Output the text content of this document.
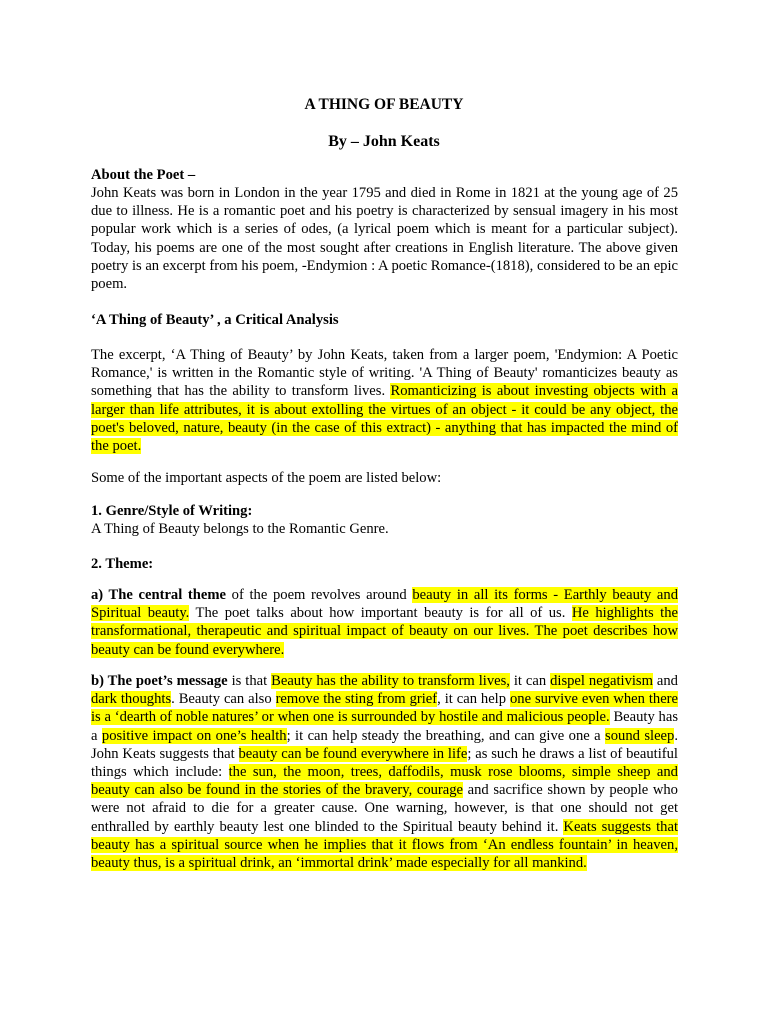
A THING OF BEAUTY
By – John Keats
About the Poet –

John Keats was born in London in the year 1795 and died in Rome in 1821 at the young age of 25 due to illness. He is a romantic poet and his poetry is characterized by sensual imagery in his most popular work which is a series of odes, (a lyrical poem which is meant for a particular subject). Today, his poems are one of the most sought after creations in English literature. The above given poetry is an excerpt from his poem, -Endymion : A poetic Romance-(1818), considered to be an epic poem.

‘A Thing of Beauty’ , a Critical Analysis

The excerpt, ‘A Thing of Beauty’ by John Keats, taken from a larger poem, 'Endymion: A Poetic Romance,' is written in the Romantic style of writing. 'A Thing of Beauty' romanticizes beauty as something that has the ability to transform lives. Romanticizing is about investing objects with a larger than life attributes, it is about extolling the virtues of an object - it could be any object, the poet's beloved, nature, beauty (in the case of this extract) - anything that has impacted the mind of the poet.

Some of the important aspects of the poem are listed below:

1. Genre/Style of Writing:

A Thing of Beauty belongs to the Romantic Genre.

2. Theme:

a) The central theme of the poem revolves around beauty in all its forms - Earthly beauty and Spiritual beauty. The poet talks about how important beauty is for all of us. He highlights the transformational, therapeutic and spiritual impact of beauty on our lives. The poet describes how beauty can be found everywhere.

b) The poet’s message is that Beauty has the ability to transform lives, it can dispel negativism and dark thoughts. Beauty can also remove the sting from grief, it can help one survive even when there is a ‘dearth of noble natures’ or when one is surrounded by hostile and malicious people. Beauty has a positive impact on one’s health; it can help steady the breathing, and can give one a sound sleep. John Keats suggests that beauty can be found everywhere in life; as such he draws a list of beautiful things which include: the sun, the moon, trees, daffodils, musk rose blooms, simple sheep and beauty can also be found in the stories of the bravery, courage and sacrifice shown by people who were not afraid to die for a greater cause. One warning, however, is that one should not get enthralled by earthly beauty lest one blinded to the Spiritual beauty behind it. Keats suggests that beauty has a spiritual source when he implies that it flows from ‘An endless fountain’ in heaven, beauty thus, is a spiritual drink, an ‘immortal drink’ made especially for all mankind.
